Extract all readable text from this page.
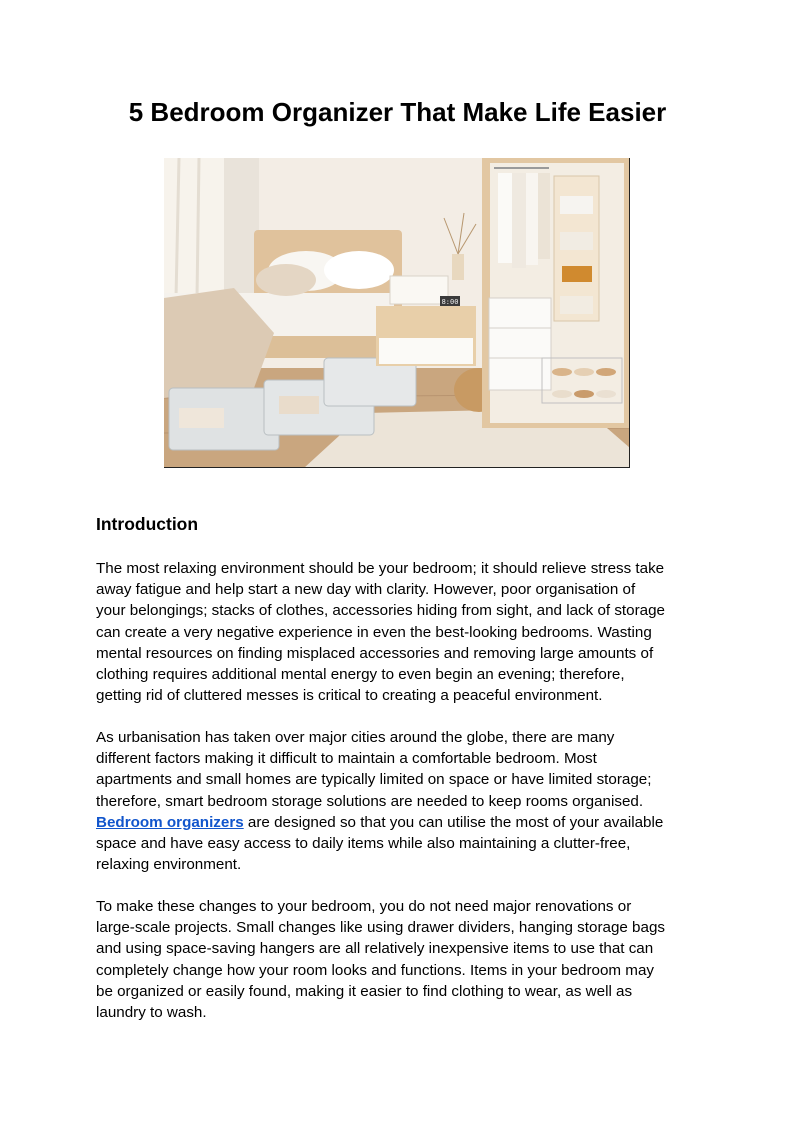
5 Bedroom Organizer That Make Life Easier
8:00
Introduction

The most relaxing environment should be your bedroom; it should relieve stress take
away fatigue and help start a new day with clarity. However, poor organisation of
your belongings; stacks of clothes, accessories hiding from sight, and lack of storage
can create a very negative experience in even the best-looking bedrooms. Wasting
mental resources on finding misplaced accessories and removing large amounts of
clothing requires additional mental energy to even begin an evening; therefore,
getting rid of cluttered messes is critical to creating a peaceful environment.

As urbanisation has taken over major cities around the globe, there are many
different factors making it difficult to maintain a comfortable bedroom. Most
apartments and small homes are typically limited on space or have limited storage;
therefore, smart bedroom storage solutions are needed to keep rooms organised.
Bedroom organizers are designed so that you can utilise the most of your available
space and have easy access to daily items while also maintaining a clutter-free,
relaxing environment.

To make these changes to your bedroom, you do not need major renovations or
large-scale projects. Small changes like using drawer dividers, hanging storage bags
and using space-saving hangers are all relatively inexpensive items to use that can
completely change how your room looks and functions. Items in your bedroom may
be organized or easily found, making it easier to find clothing to wear, as well as
laundry to wash.
